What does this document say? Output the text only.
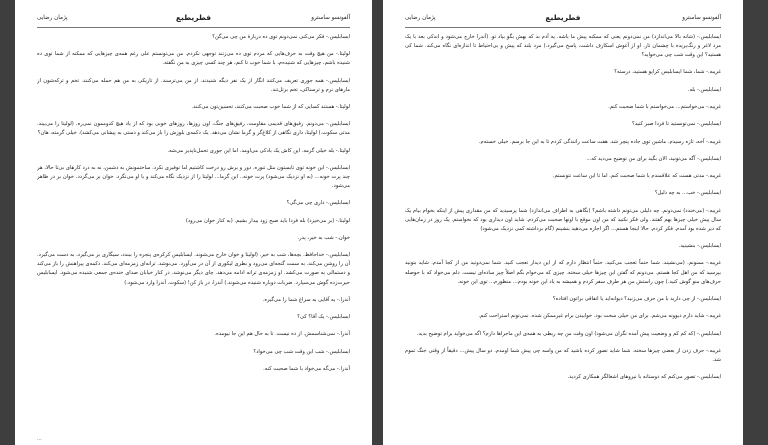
پژمان رضایی	فطریطبع	آلفونسو ساسترو

ایسابلیس.- فکر می‌کنی نمی‌دونم توی ده دربارۀ من چی می‌گن؟

لولیتا.- من هیچ وقت به حرف‌هایی که مردم توی ده می‌زنند توجهی نکردم. من می‌تونستم علی رغم همه‌ی چیزهایی که ممکنه از شما توی ده شنیده باشم، چیزهایی که شنیده‌م، با شما خوب تا کنم، هر چند کسی چیزی به من نگفته.

ایسابلیس.- همه جوری تعریف می‌کنند انگار از یک نفر دیگه شنیدند. از من می‌ترسند. از تاریکی به من هم حمله می‌کنند. تخم و ترکه‌شون از مارهای نرم و ترسناکی، تخم برتل‌تند.

لولیتا.- هستند کسایی که از شما خوب صحبت می‌کنند، تحسین‌تون می‌کنند.

ایسابلیس.- می‌دونم. رفیق‌های قدیمی مقاومت، رفیق‌های جنگ، اون روزها، روزهای خوبی بود که از یاد هیچ کدوممون نمی‌ره. (لولیتا را می‌بیند. مدتی سکوت.) لولیتا، داری نگاهی از کلاغ‌گر و گرما نشان می‌دهد. یک دکمه‌ی بلوزش را باز می‌کند و دستی به پیشانی می‌کشد). خیلی گرمته، هان؟

لولیتا.- بله خیلی گرمه. این کاش یک بادکی می‌اومد. اما این جوری تحمل‌ناپذیر می‌شه.

ایسابلیس.- این خونه توی تابستون مثل تنوره. دور و برش رو درخت کاشتیم اما توفیری نکرد. ساختمونش به دشمن، نه به درد کارهای بی‌تا حالا، هر چند پرت خونه... (به او نزدیک می‌شود) پرت خونه.. این گرما... لولیتا را از نزدیک نگاه می‌کند و با او می‌نگرد. خوان بر می‌گردد. خوان بر در ظاهر می‌شود.

ایسابلیس.- داری چی می‌گی؟

لولیتا.- (بر می‌خیزد) بله فردا باید صبح زود بیدار بشیم. (به کنار خوان می‌رود)

خوان.- شب به خیر، پدر.

ایسابلیس.- خداحافظ. بچه‌ها، شب به خیر. (لولیتا و خوان خارج می‌شوند. ایسابلیس کرکره‌ی پنجره را ببندد، سیگاری بر می‌گیرد، به دست می‌گیرد. آن را روشن می‌کند. به سمت گنجه‌ای می‌رود و بطری لیکوری از آن در می‌آورد. می‌نوشد. ترانه‌ای زمزمه‌ای می‌کند. دکمه‌ی پیراهنش را باز می‌کند و دستمالی به صورت می‌کشد. او زمزمه‌ی ترانه ادامه می‌دهد. چای دیگر می‌نوشد. در کنار خیابان صدای خنده‌ی جمعی شنیده می‌شود. ایسابلیس حیرت‌زده گوش می‌سپارد. ضربات دوباره شنیده می‌شوند.) آندرا، در باز کن! (سکوت. آندرا وارد می‌شود.)

آندرا.- یه آقایی به سراغ شما را می‌گیره.

ایسابلیس.- یک آقا؟ کی؟

آندرا.- نمی‌شناسمش. از ده نیست. تا به حال هم این جا نیومده.

ایسابلیس.- شب این وقت شب چی می‌خواد؟

آندرا.- می‌گه می‌خواد با شما صحبت کنه.

...
پژمان رضایی	فطریطبع	آلفونسو ساسترو

ایسابلیس.- (شانه بالا می‌اندازد) من نمی‌دونم یعنی که ممکنه پیش ما باشه. یه آدم بد که بهش بگو بیاد تو. (آندرا خارج می‌شود و اندکی بعد با یک مرد لاغر و رنگ‌پریده با چشمان تار. او از آغوش اسکارف داشت، پاسخ می‌گیرد.) مرد بلند که پیش و بی‌احتیاط تا اندازه‌ای نگاه می‌کند. شما کی هستید؟ این وقت شب چی می‌خواید؟

غریبه.- شما، شما ایسابلیس کراپو هستید، درسته؟

ایسابلیس.- بله.

غریبه.- می‌خواستم... می‌خواستم با شما صحبت کنم.

ایسابلیس.- نمی‌تونستید تا فردا صبر کنید؟

غریبه.- آخه، تازه رسیدم. ماشین توی جاده پنچر شد. هفت ساعت رانندگی کردم تا به این جا برسم. خیلی خسته‌م.

ایسابلیس.- آگه می‌تونید، الان بگید برای من توضیح می‌دید که...

غریبه.- مدتی هست که علاقمندم با شما صحبت کنم. اما تا این ساعت نتونستم.

ایسابلیس.- خب... به چه دلیل؟

غریبه.- (می‌خندد) نمی‌دونم. چه دلیلی می‌تونم داشته باشم؟ (نگاهی به اطراف می‌اندازد) شما پرسیدید که من مقداری پیش از اینکه بخوام بیام یک سال پیش خیلی چیزها بهم گفتند. ولی فکر نکنید که من اون موقع با اونها صحبت می‌کردم. شاید اون دیداری بود که نخواستم. یک روز در زمان‌هایی که دیر شده بود آمدم. فکر کردم. حالا اینجا هستم... اگر اجازه می‌دهید بنشینم (گام برداشته کمی نزدیک می‌شود)

ایسابلیس.- بنشینید.

غریبه.- ممنونم. (می‌نشیند. شما حتماً تعجب می‌کنید. حتماً انتظار دارم که از این دیدار تعجب کنید. شما نمی‌دونید من از کجا آمدم. شاید بتونید بپرسید که من اهل کجا هستم. می‌دونم که گفتن این چیزها خیلی سخته. چیزی که می‌خوام بگم اصلاً چیز ساده‌ای نیست. دلم می‌خواد که با حوصله حرف‌های منو گوش کنید.) چون راستش من هر طرف سفر کردم و همیشه به یاد این خونه بودم... منظورم... توی این خونه.

ایسابلیس.- از چی دارید با من حرف می‌زنید؟ دیوانه‌اید یا اتفاقی براتون افتاده؟

غریبه.- شاید دارم دیوونه می‌شم. برای من خیلی سخت بود. خوابیدن برام غیرممکن شده. نمی‌تونم استراحت کنم.

ایسابلیس.- (که کم کم و وضعیت پیش آمده نگران می‌شود) اون وقت من چه ربطی به همه‌ی این ماجراها دارم؟ اگه می‌خواید برام توضیح بدید.

غریبه.- حرف زدن از بعضی چیزها سخته. شما شاید تصور کرده باشید که من واسه چی پیش شما اومدم. دو سال پیش... دقیقاً از وقتی جنگ تموم شد.

ایسابلیس.- تصور می‌کنم که دوستانه با نیروهای اشغالگر همکاری کردید.
